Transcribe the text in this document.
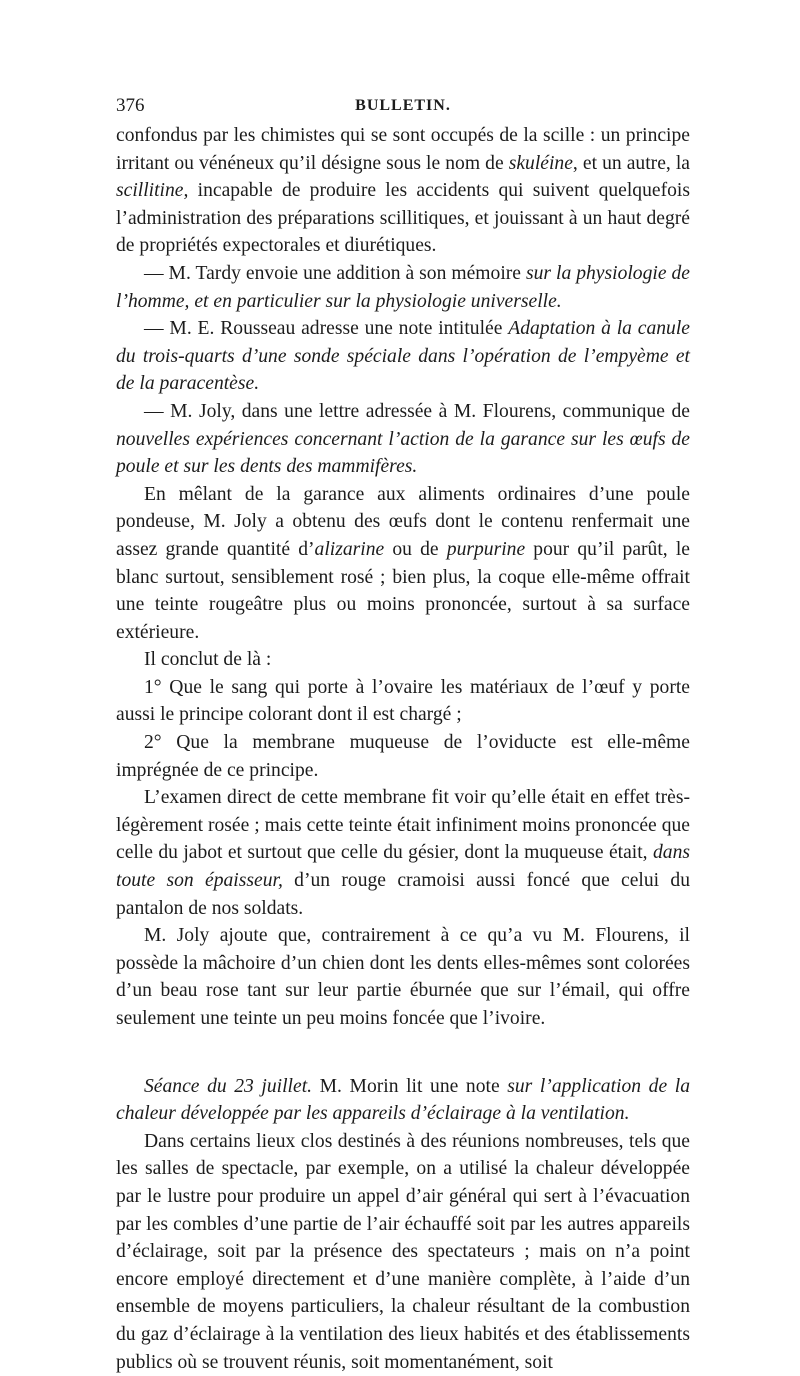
376	BULLETIN.

confondus par les chimistes qui se sont occupés de la scille : un principe irritant ou vénéneux qu’il désigne sous le nom de skuléine, et un autre, la scillitine, incapable de produire les accidents qui suivent quelquefois l’administration des préparations scillitiques, et jouissant à un haut degré de propriétés expectorales et diurétiques.

— M. Tardy envoie une addition à son mémoire sur la physiologie de l’homme, et en particulier sur la physiologie universelle.

— M. E. Rousseau adresse une note intitulée Adaptation à la canule du trois-quarts d’une sonde spéciale dans l’opération de l’empyème et de la paracentèse.

— M. Joly, dans une lettre adressée à M. Flourens, communique de nouvelles expériences concernant l’action de la garance sur les œufs de poule et sur les dents des mammifères.

En mêlant de la garance aux aliments ordinaires d’une poule pondeuse, M. Joly a obtenu des œufs dont le contenu renfermait une assez grande quantité d’alizarine ou de purpurine pour qu’il parût, le blanc surtout, sensiblement rosé ; bien plus, la coque elle-même offrait une teinte rougeâtre plus ou moins prononcée, surtout à sa surface extérieure.

Il conclut de là :

1° Que le sang qui porte à l’ovaire les matériaux de l’œuf y porte aussi le principe colorant dont il est chargé ;

2° Que la membrane muqueuse de l’oviducte est elle-même imprégnée de ce principe.

L’examen direct de cette membrane fit voir qu’elle était en effet très-légèrement rosée ; mais cette teinte était infiniment moins prononcée que celle du jabot et surtout que celle du gésier, dont la muqueuse était, dans toute son épaisseur, d’un rouge cramoisi aussi foncé que celui du pantalon de nos soldats.

M. Joly ajoute que, contrairement à ce qu’a vu M. Flourens, il possède la mâchoire d’un chien dont les dents elles-mêmes sont colorées d’un beau rose tant sur leur partie éburnée que sur l’émail, qui offre seulement une teinte un peu moins foncée que l’ivoire.

Séance du 23 juillet. M. Morin lit une note sur l’application de la chaleur développée par les appareils d’éclairage à la ventilation.

Dans certains lieux clos destinés à des réunions nombreuses, tels que les salles de spectacle, par exemple, on a utilisé la chaleur développée par le lustre pour produire un appel d’air général qui sert à l’évacuation par les combles d’une partie de l’air échauffé soit par les autres appareils d’éclairage, soit par la présence des spectateurs ; mais on n’a point encore employé directement et d’une manière complète, à l’aide d’un ensemble de moyens particuliers, la chaleur résultant de la combustion du gaz d’éclairage à la ventilation des lieux habités et des établissements publics où se trouvent réunis, soit momentanément, soit
